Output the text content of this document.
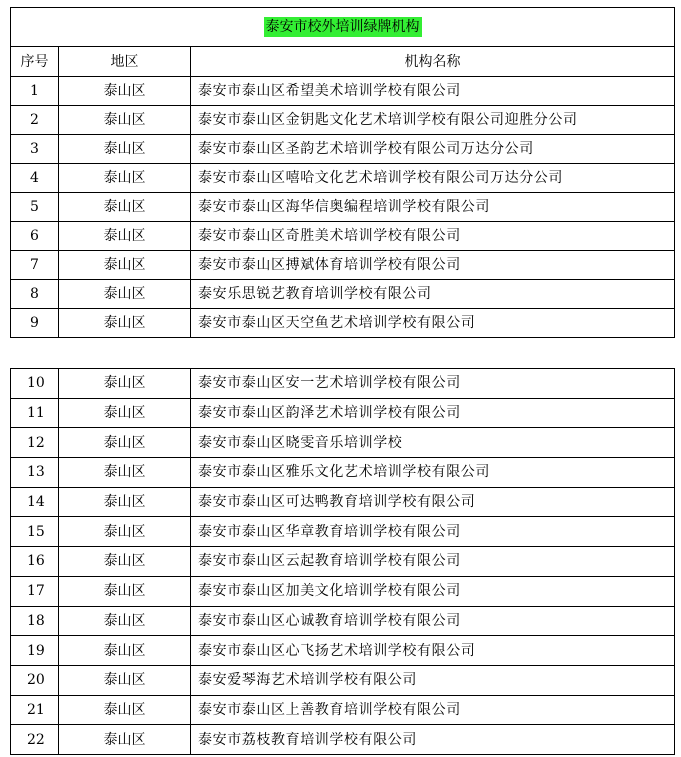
泰安市校外培训绿牌机构		
序号	地区	机构名称
1	泰山区	泰安市泰山区希望美术培训学校有限公司
2	泰山区	泰安市泰山区金钥匙文化艺术培训学校有限公司迎胜分公司
3	泰山区	泰安市泰山区圣韵艺术培训学校有限公司万达分公司
4	泰山区	泰安市泰山区嘻哈文化艺术培训学校有限公司万达分公司
5	泰山区	泰安市泰山区海华信奥编程培训学校有限公司
6	泰山区	泰安市泰山区奇胜美术培训学校有限公司
7	泰山区	泰安市泰山区搏斌体育培训学校有限公司
8	泰山区	泰安乐思锐艺教育培训学校有限公司
9	泰山区	泰安市泰山区天空鱼艺术培训学校有限公司
10	泰山区	泰安市泰山区安一艺术培训学校有限公司
11	泰山区	泰安市泰山区韵泽艺术培训学校有限公司
12	泰山区	泰安市泰山区晓雯音乐培训学校
13	泰山区	泰安市泰山区雅乐文化艺术培训学校有限公司
14	泰山区	泰安市泰山区可达鸭教育培训学校有限公司
15	泰山区	泰安市泰山区华章教育培训学校有限公司
16	泰山区	泰安市泰山区云起教育培训学校有限公司
17	泰山区	泰安市泰山区加美文化培训学校有限公司
18	泰山区	泰安市泰山区心诚教育培训学校有限公司
19	泰山区	泰安市泰山区心飞扬艺术培训学校有限公司
20	泰山区	泰安爱琴海艺术培训学校有限公司
21	泰山区	泰安市泰山区上善教育培训学校有限公司
22	泰山区	泰安市荔枝教育培训学校有限公司
